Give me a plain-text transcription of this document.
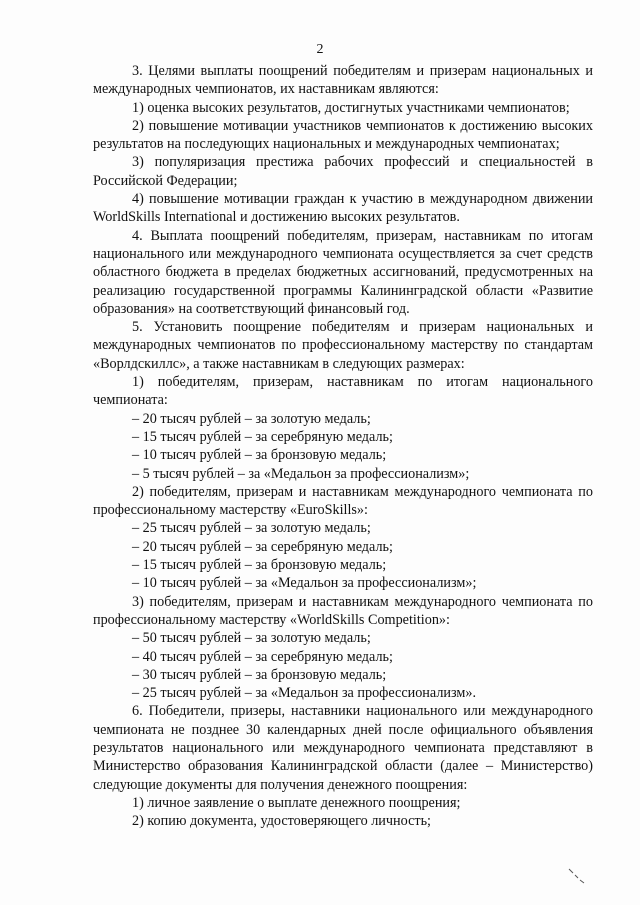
2

3. Целями выплаты поощрений победителям и призерам национальных и международных чемпионатов, их наставникам являются:

1) оценка высоких результатов, достигнутых участниками чемпионатов;

2) повышение мотивации участников чемпионатов к достижению высоких результатов на последующих национальных и международных чемпионатах;

3) популяризация престижа рабочих профессий и специальностей в Российской Федерации;

4) повышение мотивации граждан к участию в международном движении WorldSkills International и достижению высоких результатов.

4. Выплата поощрений победителям, призерам, наставникам по итогам национального или международного чемпионата осуществляется за счет средств областного бюджета в пределах бюджетных ассигнований, предусмотренных на реализацию государственной программы Калининградской области «Развитие образования» на соответствующий финансовый год.

5. Установить поощрение победителям и призерам национальных и международных чемпионатов по профессиональному мастерству по стандартам «Ворлдскиллс», а также наставникам в следующих размерах:

1) победителям, призерам, наставникам по итогам национального чемпионата:

– 20 тысяч рублей – за золотую медаль;

– 15 тысяч рублей – за серебряную медаль;

– 10 тысяч рублей – за бронзовую медаль;

– 5 тысяч рублей – за «Медальон за профессионализм»;

2) победителям, призерам и наставникам международного чемпионата по профессиональному мастерству «EuroSkills»:

– 25 тысяч рублей – за золотую медаль;

– 20 тысяч рублей – за серебряную медаль;

– 15 тысяч рублей – за бронзовую медаль;

– 10 тысяч рублей – за «Медальон за профессионализм»;

3) победителям, призерам и наставникам международного чемпионата по профессиональному мастерству «WorldSkills Competition»:

– 50 тысяч рублей – за золотую медаль;

– 40 тысяч рублей – за серебряную медаль;

– 30 тысяч рублей – за бронзовую медаль;

– 25 тысяч рублей – за «Медальон за профессионализм».

6. Победители, призеры, наставники национального или международного чемпионата не позднее 30 календарных дней после официального объявления результатов национального или международного чемпионата представляют в Министерство образования Калининградской области (далее – Министерство) следующие документы для получения денежного поощрения:

1) личное заявление о выплате денежного поощрения;

2) копию документа, удостоверяющего личность;
